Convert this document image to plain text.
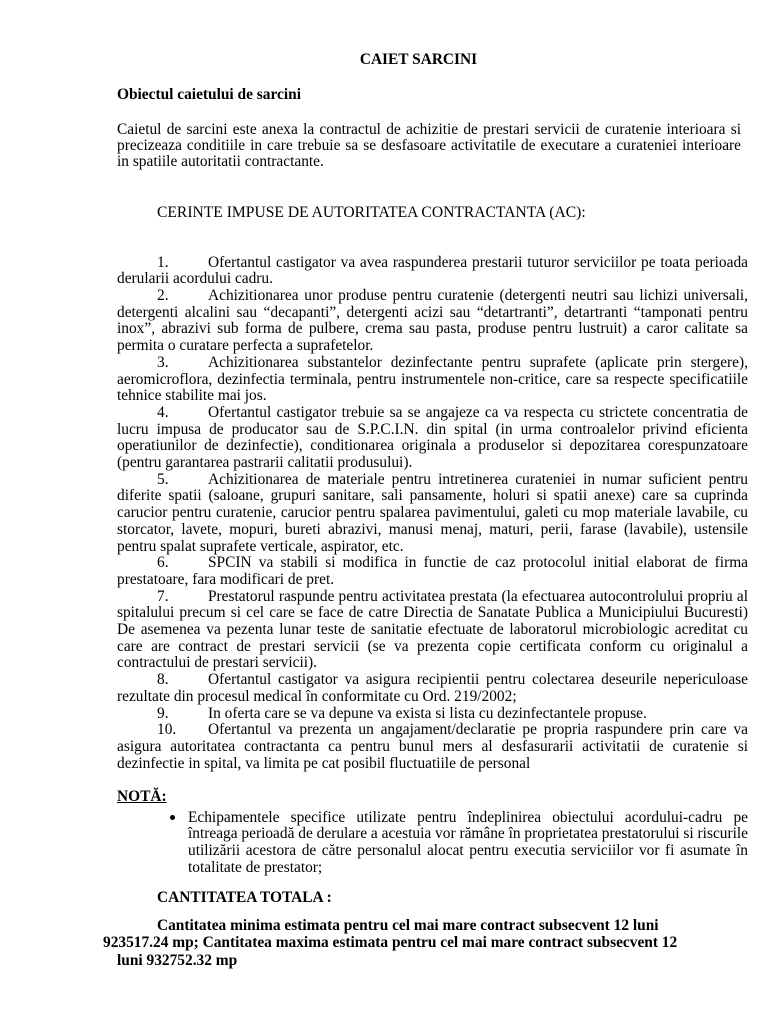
CAIET SARCINI
Obiectul caietului de sarcini

Caietul de sarcini este anexa la contractul de achizitie de prestari servicii de curatenie interioara si precizeaza conditiile in care trebuie sa se desfasoare activitatile de executare a curateniei interioare in spatiile autoritatii contractante.

CERINTE IMPUSE DE AUTORITATEA CONTRACTANTA (AC):

1.	Ofertantul castigator va avea raspunderea prestarii tuturor serviciilor pe toata perioada derularii acordului cadru.

2.	Achizitionarea unor produse pentru curatenie (detergenti neutri sau lichizi universali, detergenti alcalini sau “decapanti”, detergenti acizi sau “detartranti”, detartranti “tamponati pentru inox”, abrazivi sub forma de pulbere, crema sau pasta, produse pentru lustruit) a caror calitate sa permita o curatare perfecta a suprafetelor.

3.	Achizitionarea substantelor dezinfectante pentru suprafete (aplicate prin stergere), aeromicroflora, dezinfectia terminala, pentru instrumentele non-critice, care sa respecte specificatiile tehnice stabilite mai jos.

4.	Ofertantul castigator trebuie sa se angajeze ca va respecta cu strictete concentratia de lucru impusa de producator sau de S.P.C.I.N. din spital (in urma controalelor privind eficienta operatiunilor de dezinfectie), conditionarea originala a produselor si depozitarea corespunzatoare (pentru garantarea pastrarii calitatii produsului).

5.	Achizitionarea de materiale pentru intretinerea curateniei in numar suficient pentru diferite spatii (saloane, grupuri sanitare, sali pansamente, holuri si spatii anexe) care sa cuprinda carucior pentru curatenie, carucior pentru spalarea pavimentului, galeti cu mop materiale lavabile, cu storcator, lavete, mopuri, bureti abrazivi, manusi menaj, maturi, perii, farase (lavabile), ustensile pentru spalat suprafete verticale, aspirator, etc.

6.	SPCIN va stabili si modifica in functie de caz protocolul initial elaborat de firma prestatoare, fara modificari de pret.

7.	Prestatorul raspunde pentru activitatea prestata (la efectuarea autocontrolului propriu al spitalului precum si cel care se face de catre Directia de Sanatate Publica a Municipiului Bucuresti) De asemenea va pezenta lunar teste de sanitatie efectuate de laboratorul microbiologic acreditat cu care are contract de prestari servicii (se va prezenta copie certificata conform cu originalul a contractului de prestari servicii).

8.	Ofertantul castigator va asigura recipientii pentru colectarea deseurile nepericuloase rezultate din procesul medical în conformitate cu Ord. 219/2002;

9.	In oferta care se va depune va exista si lista cu dezinfectantele propuse.

10. Ofertantul va prezenta un angajament/declaratie pe propria raspundere prin care va asigura autoritatea contractanta ca pentru bunul mers al desfasurarii activitatii de curatenie si dezinfectie in spital, va limita pe cat posibil fluctuatiile de personal

NOTĂ:
Echipamentele specifice utilizate pentru îndeplinirea obiectului acordului-cadru pe întreaga perioadă de derulare a acestuia vor rămâne în proprietatea prestatorului si riscurile utilizării acestora de către personalul alocat pentru executia serviciilor vor fi asumate în totalitate de prestator;
CANTITATEA TOTALA :
Cantitatea minima estimata pentru cel mai mare contract subsecvent 12 luni
923517.24 mp; Cantitatea maxima estimata pentru cel mai mare contract subsecvent 12
luni 932752.32 mp
